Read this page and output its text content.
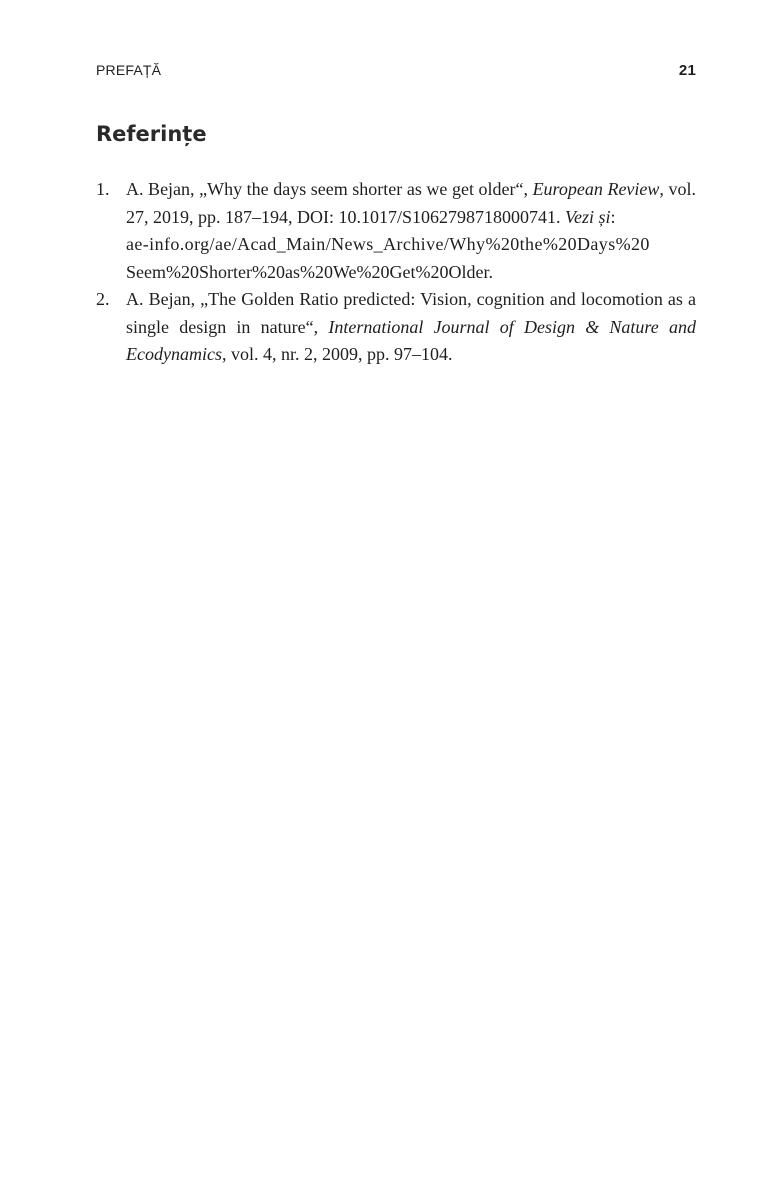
PREFAȚĂ	21
Referințe
1. A. Bejan, „Why the days seem shorter as we get older“, European Review, vol. 27, 2019, pp. 187–194, DOI: 10.1017/S1062798718000741. Vezi și:
ae-info.org/ae/Acad_Main/News_Archive/Why%20the%20Days%20
Seem%20Shorter%20as%20We%20Get%20Older.
2. A. Bejan, „The Golden Ratio predicted: Vision, cognition and locomotion as a single design in nature“, International Journal of Design & Nature and Ecodynamics, vol. 4, nr. 2, 2009, pp. 97–104.
